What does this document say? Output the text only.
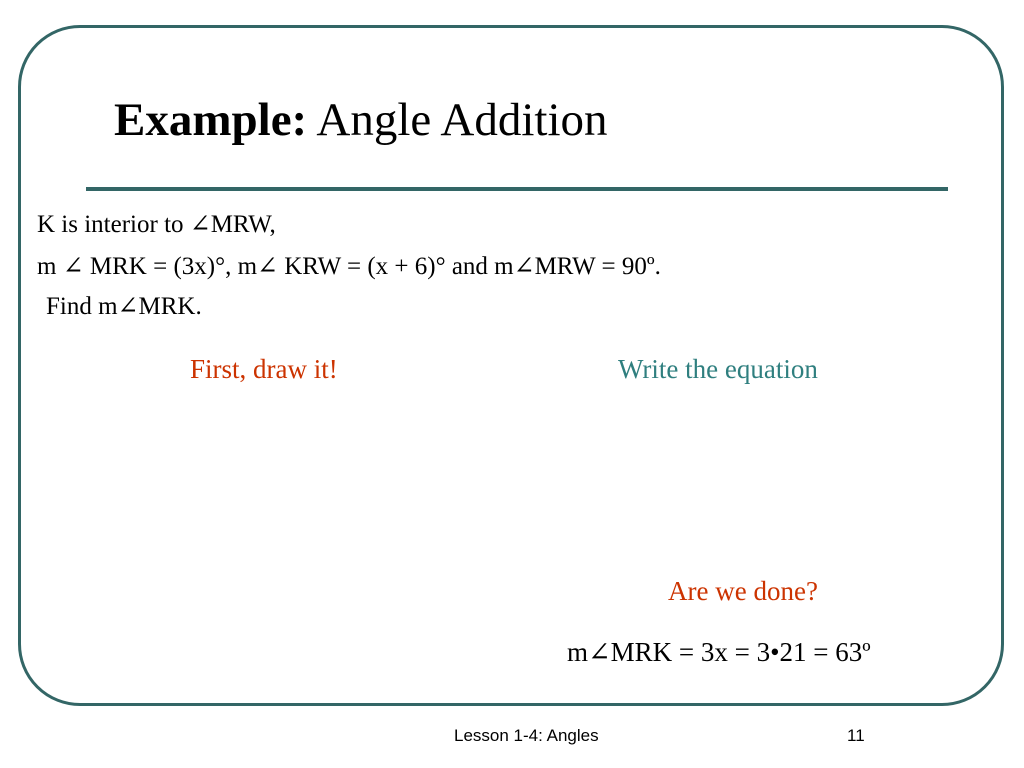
Example: Angle Addition
K is interior to ∠MRW,
m ∠ MRK = (3x)°, m∠ KRW = (x + 6)° and m∠MRW = 90º.
Find m∠MRK.
First, draw it!	Write the equation
Are we done?
m∠MRK = 3x = 3•21 = 63º
Lesson 1-4: Angles	11
